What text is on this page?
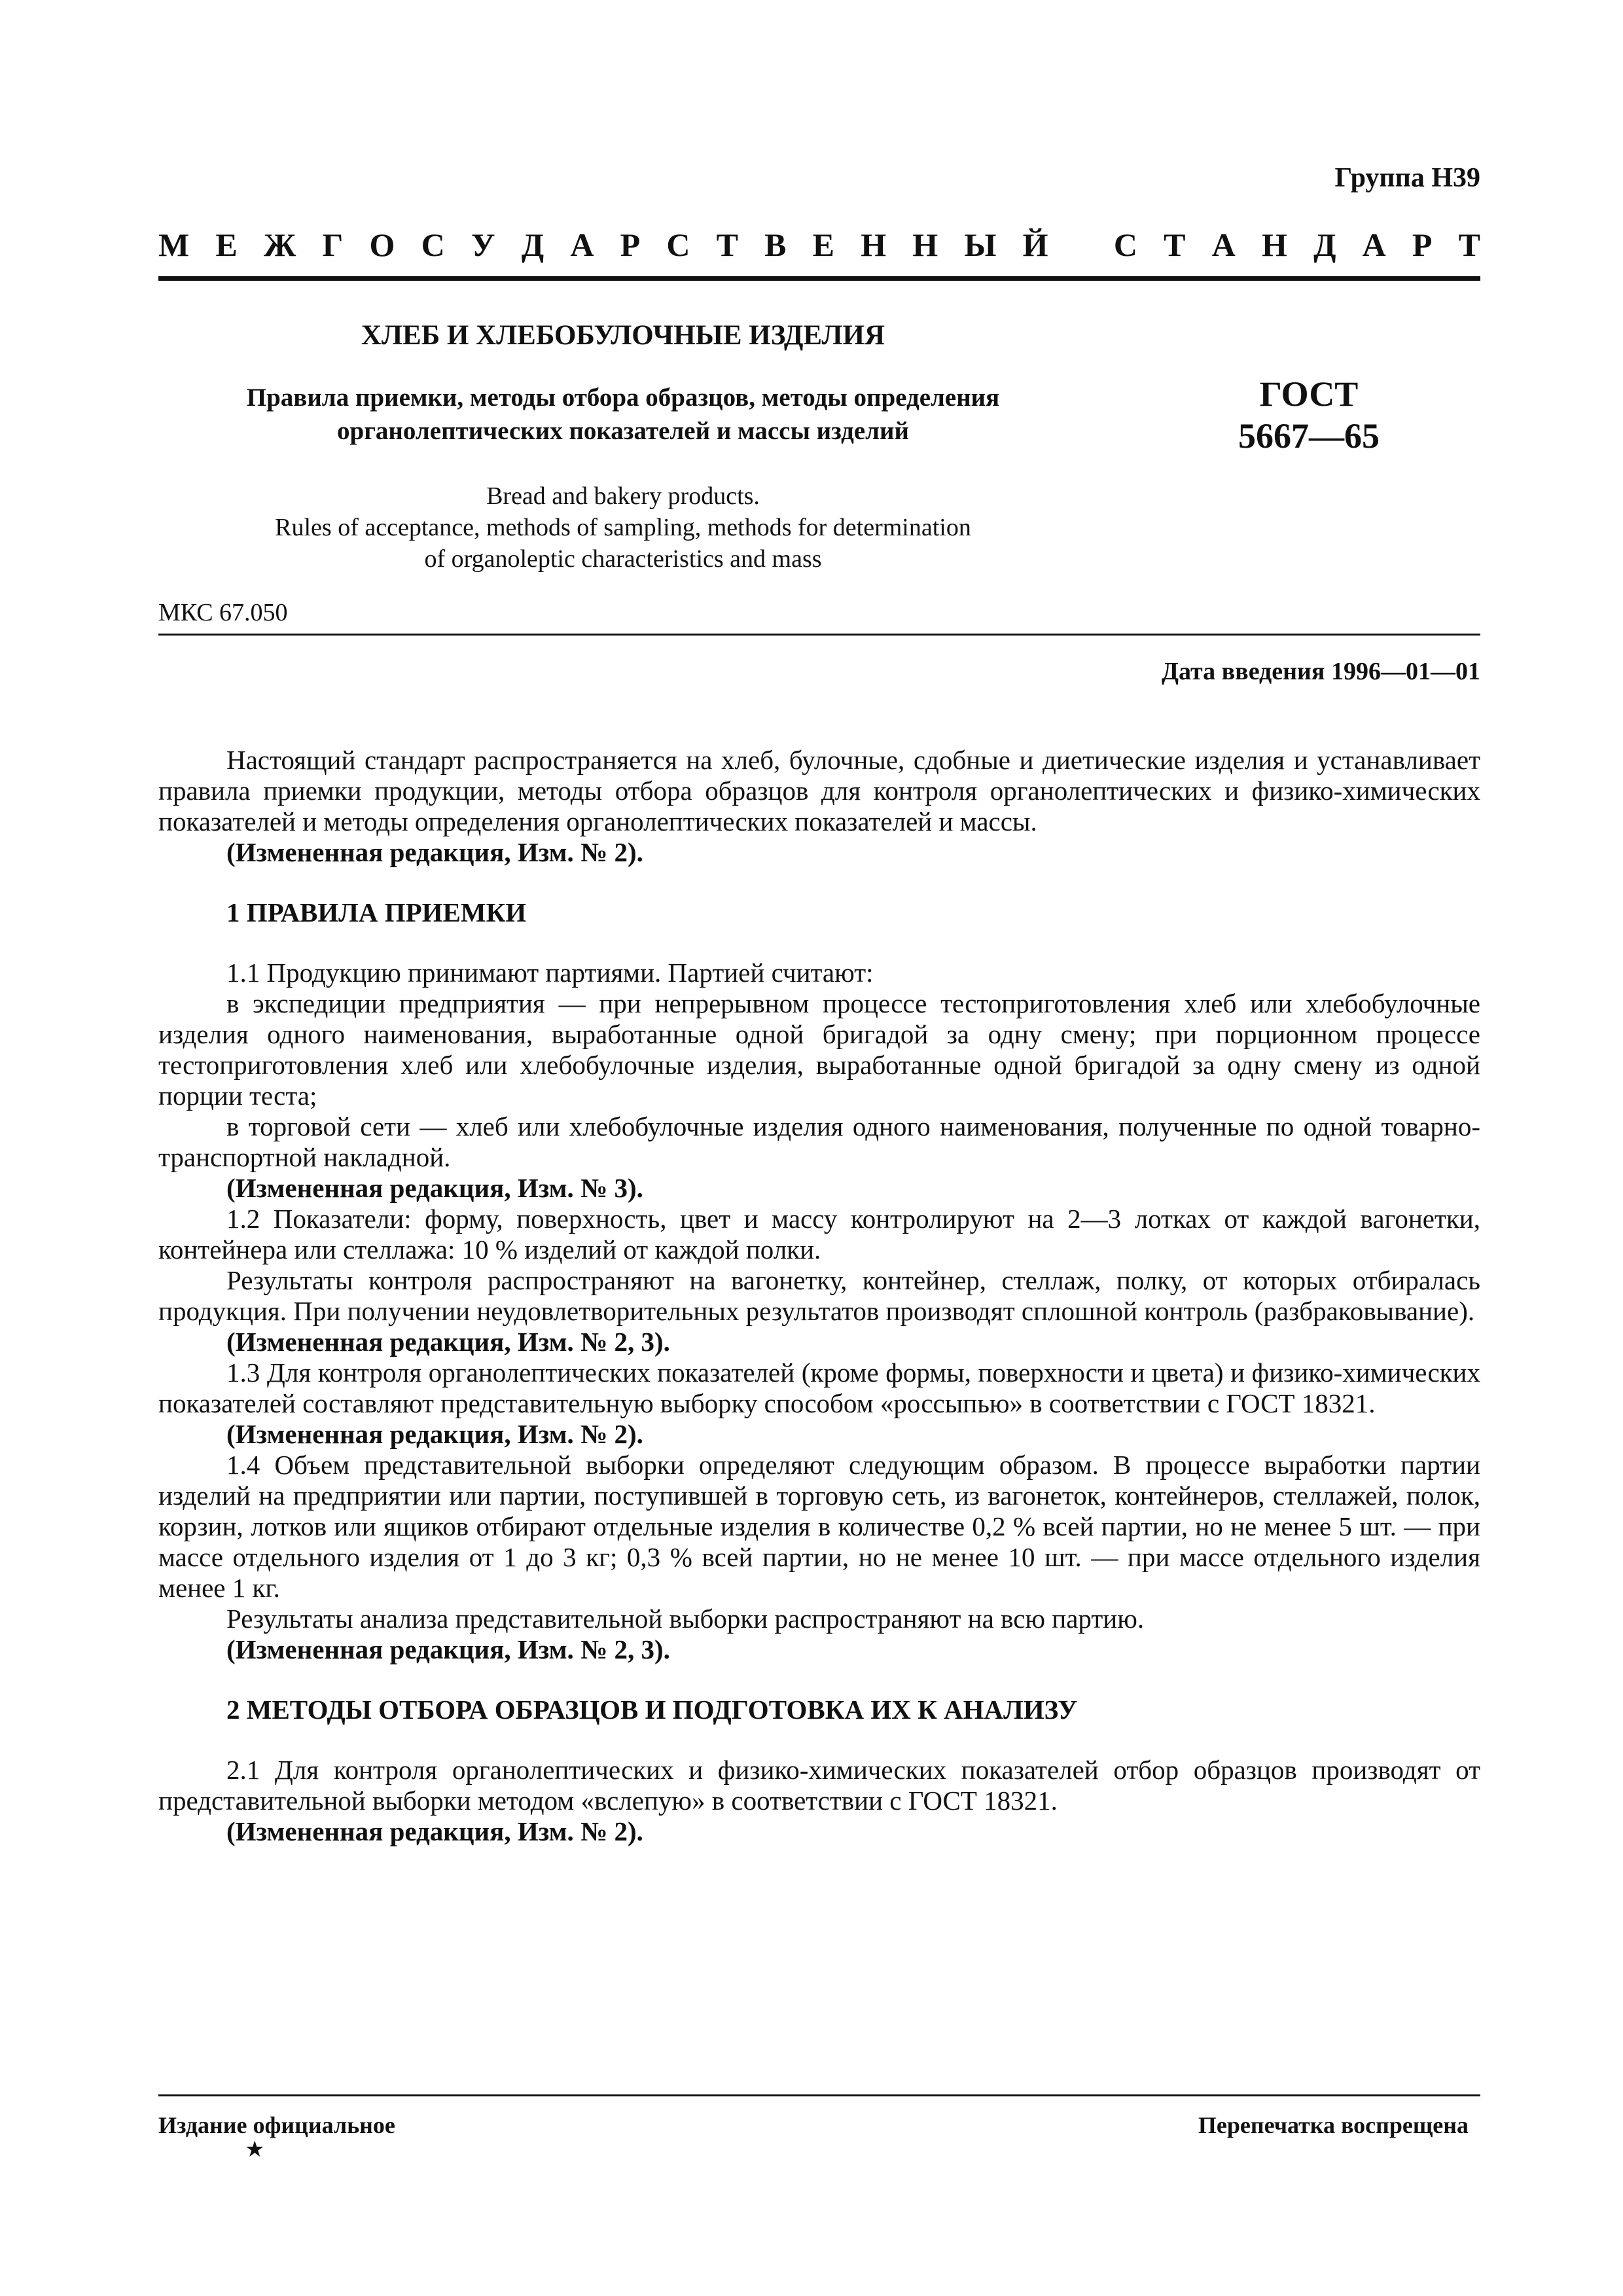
Группа Н39
М Е Ж Г О С У Д А Р С Т В Е Н Н Ы Й С Т А Н Д А Р Т
ХЛЕБ И ХЛЕБОБУЛОЧНЫЕ ИЗДЕЛИЯ
Правила приемки, методы отбора образцов, методы определения
органолептических показателей и массы изделий
ГОСТ
5667—65
Bread and bakery products.
Rules of acceptance, methods of sampling, methods for determination
of organoleptic characteristics and mass
МКС 67.050
Дата введения 1996—01—01

Настоящий стандарт распространяется на хлеб, булочные, сдобные и диетические изделия и устанавливает правила приемки продукции, методы отбора образцов для контроля органолептических и физико-химических показателей и методы определения органолептических показателей и массы.

(Измененная редакция, Изм. № 2).

1 ПРАВИЛА ПРИЕМКИ

1.1 Продукцию принимают партиями. Партией считают:

в экспедиции предприятия — при непрерывном процессе тестоприготовления хлеб или хлебобулочные изделия одного наименования, выработанные одной бригадой за одну смену; при порционном процессе тестоприготовления хлеб или хлебобулочные изделия, выработанные одной бригадой за одну смену из одной порции теста;

в торговой сети — хлеб или хлебобулочные изделия одного наименования, полученные по одной товарно-транспортной накладной.

(Измененная редакция, Изм. № 3).

1.2 Показатели: форму, поверхность, цвет и массу контролируют на 2—3 лотках от каждой вагонетки, контейнера или стеллажа: 10 % изделий от каждой полки.

Результаты контроля распространяют на вагонетку, контейнер, стеллаж, полку, от которых отбиралась продукция. При получении неудовлетворительных результатов производят сплошной контроль (разбраковывание).

(Измененная редакция, Изм. № 2, 3).

1.3 Для контроля органолептических показателей (кроме формы, поверхности и цвета) и физико-химических показателей составляют представительную выборку способом «россыпью» в соответствии с ГОСТ 18321.

(Измененная редакция, Изм. № 2).

1.4 Объем представительной выборки определяют следующим образом. В процессе выработки партии изделий на предприятии или партии, поступившей в торговую сеть, из вагонеток, контейнеров, стеллажей, полок, корзин, лотков или ящиков отбирают отдельные изделия в количестве 0,2 % всей партии, но не менее 5 шт. — при массе отдельного изделия от 1 до 3 кг; 0,3 % всей партии, но не менее 10 шт. — при массе отдельного изделия менее 1 кг.

Результаты анализа представительной выборки распространяют на всю партию.

(Измененная редакция, Изм. № 2, 3).

2 МЕТОДЫ ОТБОРА ОБРАЗЦОВ И ПОДГОТОВКА ИХ К АНАЛИЗУ

2.1 Для контроля органолептических и физико-химических показателей отбор образцов производят от представительной выборки методом «вслепую» в соответствии с ГОСТ 18321.

(Измененная редакция, Изм. № 2).

Издание официальное
★
Перепечатка воспрещена
